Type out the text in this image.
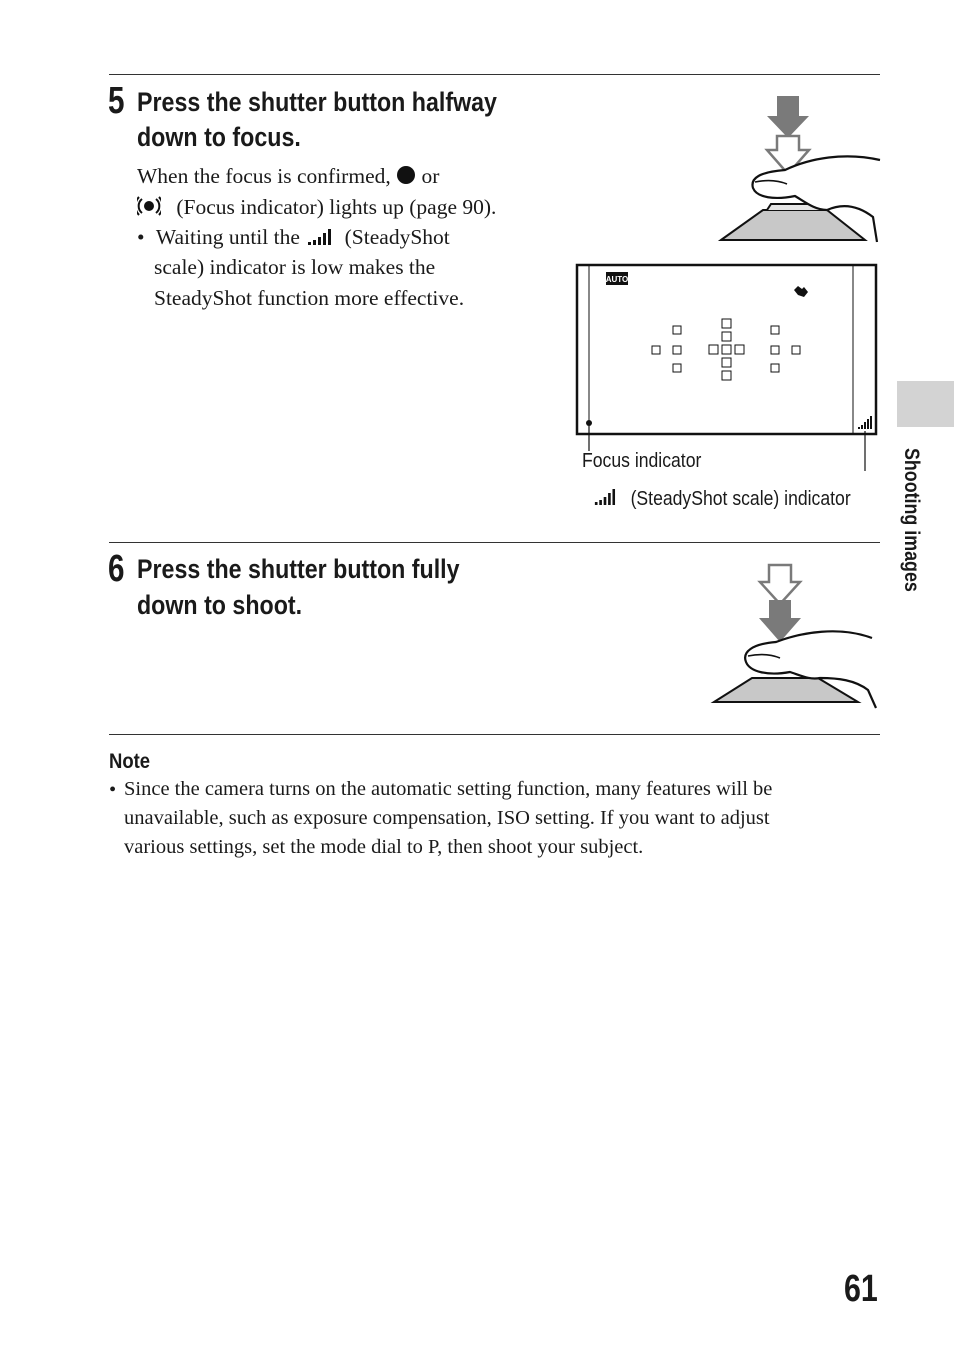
5 Press the shutter button halfway
down to focus.
When the focus is confirmed, or
(Focus indicator) lights up (page 90).
• Waiting until the (SteadyShot
scale) indicator is low makes the
SteadyShot function more effective.
AUTO
Focus indicator
(SteadyShot scale) indicator
6 Press the shutter button fully
down to shoot.
Note
• Since the camera turns on the automatic setting function, many features will be
unavailable, such as exposure compensation, ISO setting. If you want to adjust
various settings, set the mode dial to P, then shoot your subject.
Shooting images
61
